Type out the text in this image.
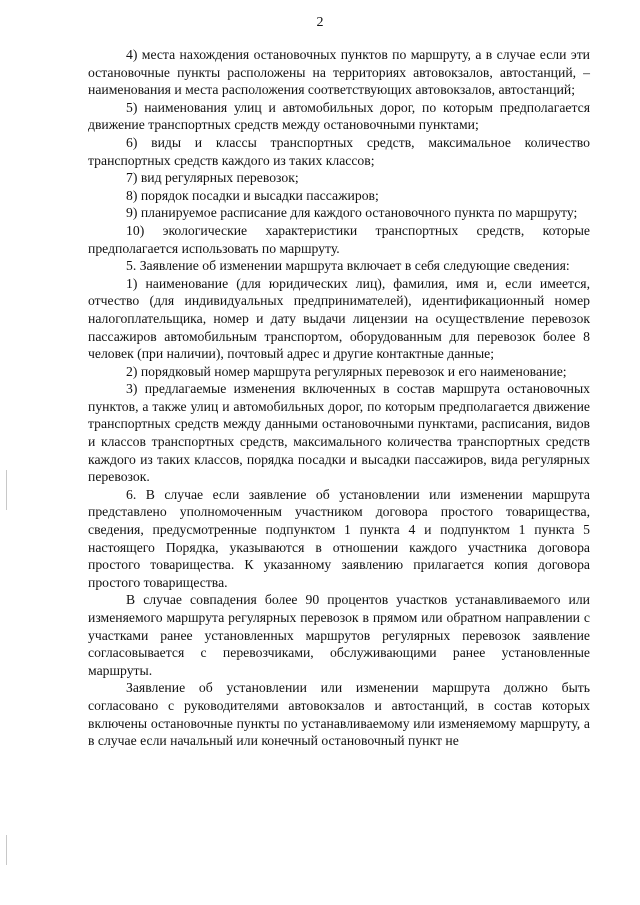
2

4) места нахождения остановочных пунктов по маршруту, а в случае если эти остановочные пункты расположены на территориях автовокзалов, автостанций, – наименования и места расположения соответствующих автовокзалов, автостанций;

5) наименования улиц и автомобильных дорог, по которым предполагается движение транспортных средств между остановочными пунктами;

6) виды и классы транспортных средств, максимальное количество транспортных средств каждого из таких классов;

7) вид регулярных перевозок;

8) порядок посадки и высадки пассажиров;

9) планируемое расписание для каждого остановочного пункта по маршруту;

10) экологические характеристики транспортных средств, которые предполагается использовать по маршруту.

5. Заявление об изменении маршрута включает в себя следующие сведения:

1) наименование (для юридических лиц), фамилия, имя и, если имеется, отчество (для индивидуальных предпринимателей), идентификационный номер налогоплательщика, номер и дату выдачи лицензии на осуществление перевозок пассажиров автомобильным транспортом, оборудованным для перевозок более 8 человек (при наличии), почтовый адрес и другие контактные данные;

2) порядковый номер маршрута регулярных перевозок и его наименование;

3) предлагаемые изменения включенных в состав маршрута остановочных пунктов, а также улиц и автомобильных дорог, по которым предполагается движение транспортных средств между данными остановочными пунктами, расписания, видов и классов транспортных средств, максимального количества транспортных средств каждого из таких классов, порядка посадки и высадки пассажиров, вида регулярных перевозок.

6. В случае если заявление об установлении или изменении маршрута представлено уполномоченным участником договора простого товарищества, сведения, предусмотренные подпунктом 1 пункта 4 и подпунктом 1 пункта 5 настоящего Порядка, указываются в отношении каждого участника договора простого товарищества. К указанному заявлению прилагается копия договора простого товарищества.

В случае совпадения более 90 процентов участков устанавливаемого или изменяемого маршрута регулярных перевозок в прямом или обратном направлении с участками ранее установленных маршрутов регулярных перевозок заявление согласовывается с перевозчиками, обслуживающими ранее установленные маршруты.

Заявление об установлении или изменении маршрута должно быть согласовано с руководителями автовокзалов и автостанций, в состав которых включены остановочные пункты по устанавливаемому или изменяемому маршруту, а в случае если начальный или конечный остановочный пункт не
